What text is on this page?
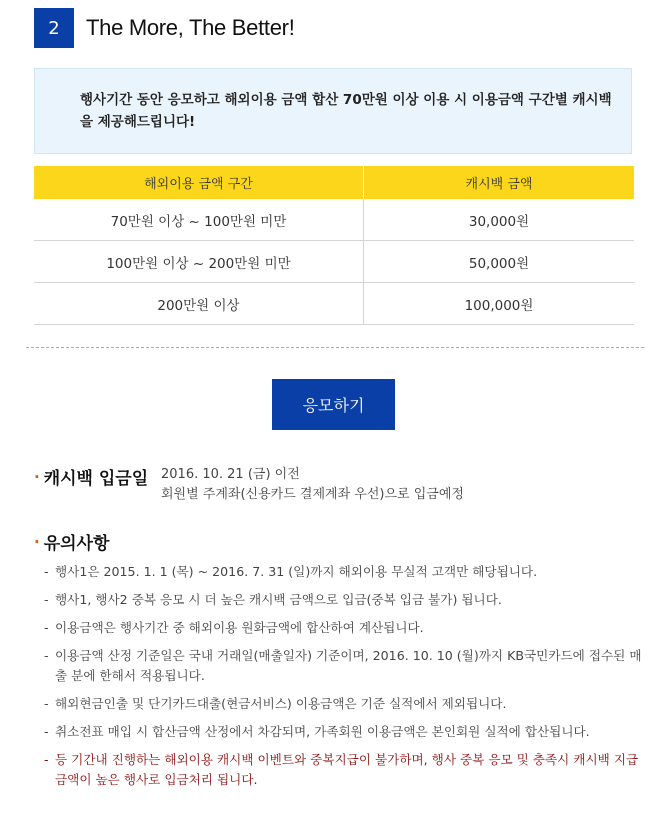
2	The More, The Better!

행사기간 동안 응모하고 해외이용 금액 합산 70만원 이상 이용 시 이용금액 구간별 캐시백을 제공해드립니다!

해외이용 금액 구간	캐시백 금액
70만원 이상 ~ 100만원 미만	30,000원
100만원 이상 ~ 200만원 미만	50,000원
200만원 이상	100,000원
응모하기
· 캐시백 입금일 2016. 10. 21 (금) 이전
회원별 주계좌(신용카드 결제계좌 우선)으로 입금예정
· 유의사항
- 행사1은 2015. 1. 1 (목) ~ 2016. 7. 31 (일)까지 해외이용 무실적 고객만 해당됩니다.
- 행사1, 행사2 중복 응모 시 더 높은 캐시백 금액으로 입금(중복 입금 불가) 됩니다.
- 이용금액은 행사기간 중 해외이용 원화금액에 합산하여 계산됩니다.
- 이용금액 산정 기준일은 국내 거래일(매출일자) 기준이며, 2016. 10. 10 (월)까지 KB국민카드에 접수된 매출 분에 한해서 적용됩니다.
- 해외현금인출 및 단기카드대출(현금서비스) 이용금액은 기준 실적에서 제외됩니다.
- 취소전표 매입 시 합산금액 산정에서 차감되며, 가족회원 이용금액은 본인회원 실적에 합산됩니다.
- 등 기간내 진행하는 해외이용 캐시백 이벤트와 중복지급이 불가하며, 행사 중복 응모 및 충족시 캐시백 지급 금액이 높은 행사로 입금처리 됩니다.
